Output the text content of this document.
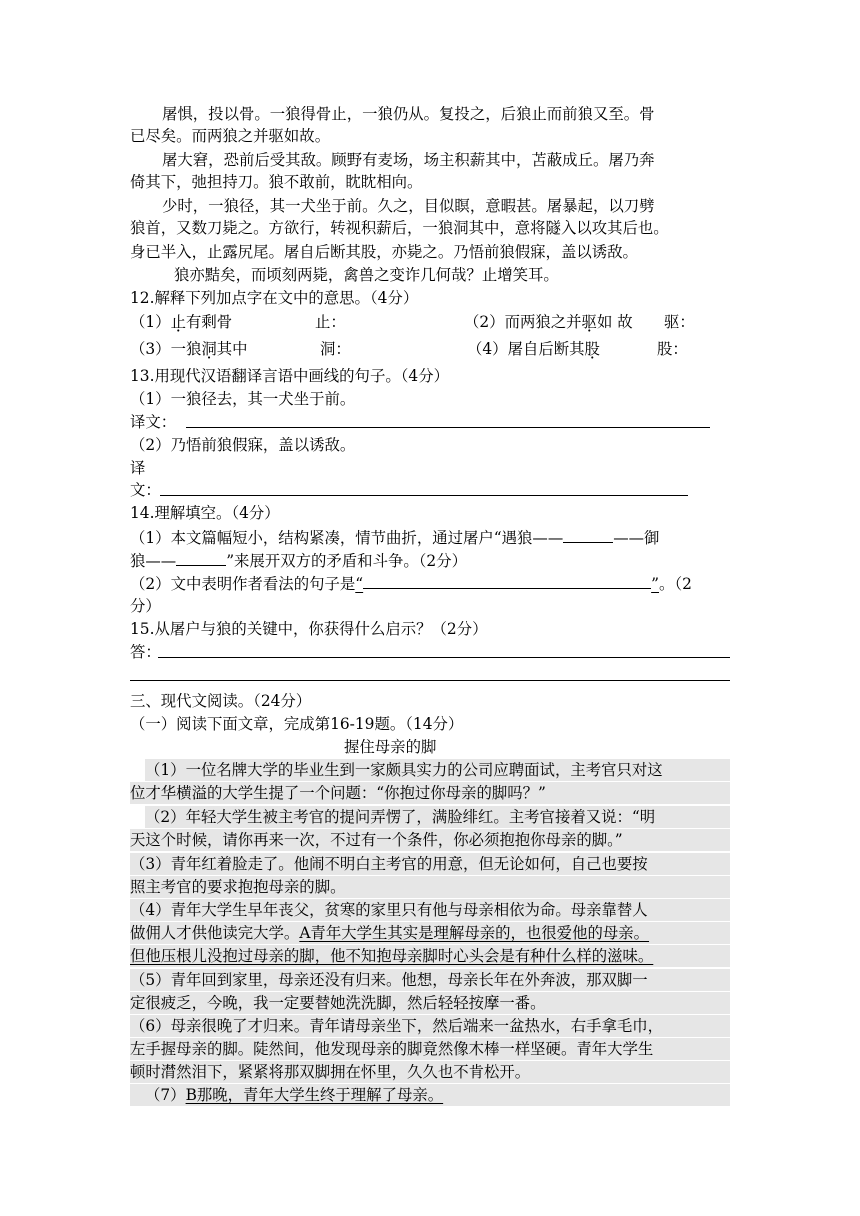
屠惧，投以骨。一狼得骨止，一狼仍从。复投之，后狼止而前狼又至。骨
已尽矣。而两狼之并驱如故。
屠大窘，恐前后受其敌。顾野有麦场，场主积薪其中，苫蔽成丘。屠乃奔
倚其下，弛担持刀。狼不敢前，眈眈相向。
少时，一狼径，其一犬坐于前。久之，目似瞑，意暇甚。屠暴起，以刀劈
狼首，又数刀毙之。方欲行，转视积薪后，一狼洞其中，意将隧入以攻其后也。
身已半入，止露尻尾。屠自后断其股，亦毙之。乃悟前狼假寐，盖以诱敌。
狼亦黠矣，而顷刻两毙，禽兽之变诈几何哉？止增笑耳。
12.解释下列加点字在文中的意思。（4分）
（1）止有剩骨	止：	（2）而两狼之并驱如 故 驱：
（3）一狼洞其中	洞：	（4）屠自后断其股	股：
13.用现代汉语翻译言语中画线的句子。（4分）
（1）一狼径去，其一犬坐于前。
译文：
（2）乃悟前狼假寐，盖以诱敌。
译
文：
14.理解填空。（4分）
（1）本文篇幅短小，结构紧凑，情节曲折，通过屠户“遇狼——	——御
狼——	”来展开双方的矛盾和斗争。（2分）
（2）文中表明作者看法的句子是“	”。（2
分）
15.从屠户与狼的关键中，你获得什么启示？（2分）
答：
三、现代文阅读。（24分）
（一）阅读下面文章，完成第16-19题。（14分）
握住母亲的脚
（1）一位名牌大学的毕业生到一家颇具实力的公司应聘面试，主考官只对这
位才华横溢的大学生提了一个问题：“你抱过你母亲的脚吗？”
（2）年轻大学生被主考官的提问弄愣了，满脸绯红。主考官接着又说：“明
天这个时候，请你再来一次，不过有一个条件，你必须抱抱你母亲的脚。”
（3）青年红着脸走了。他闹不明白主考官的用意，但无论如何，自己也要按
照主考官的要求抱抱母亲的脚。
（4）青年大学生早年丧父，贫寒的家里只有他与母亲相依为命。母亲靠替人
做佣人才供他读完大学。A青年大学生其实是理解母亲的，也很爱他的母亲。
但他压根儿没抱过母亲的脚，他不知抱母亲脚时心头会是有种什么样的滋味。
（5）青年回到家里，母亲还没有归来。他想，母亲长年在外奔波，那双脚一
定很疲乏，今晚，我一定要替她洗洗脚，然后轻轻按摩一番。
（6）母亲很晚了才归来。青年请母亲坐下，然后端来一盆热水，右手拿毛巾，
左手握母亲的脚。陡然间，他发现母亲的脚竟然像木棒一样坚硬。青年大学生
顿时潸然泪下，紧紧将那双脚拥在怀里，久久也不肯松开。
（7）B那晚，青年大学生终于理解了母亲。
